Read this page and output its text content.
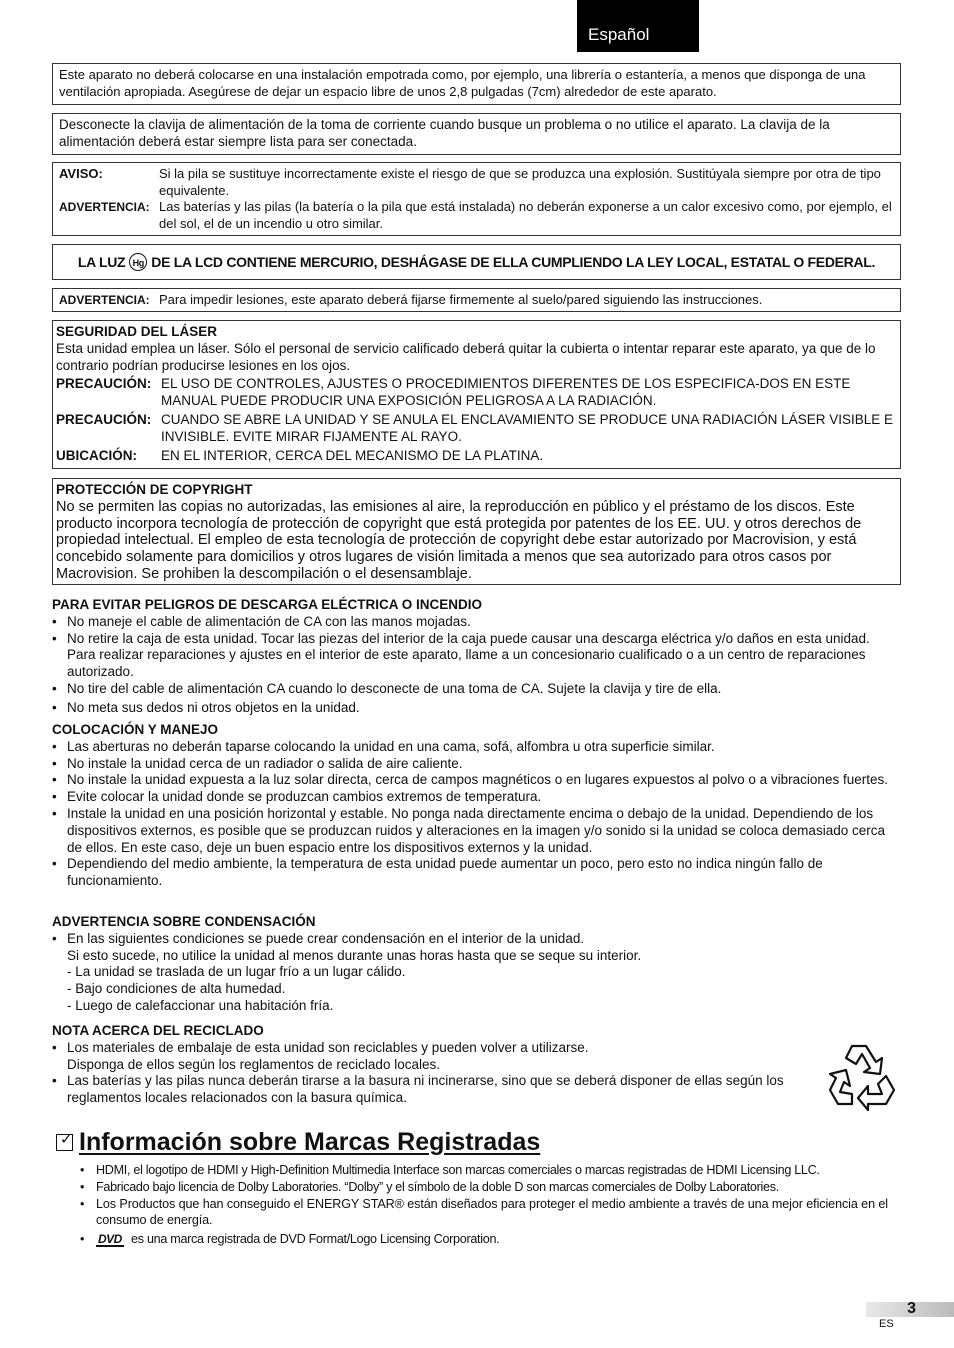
Español
Este aparato no deberá colocarse en una instalación empotrada como, por ejemplo, una librería o estantería, a menos que disponga de una ventilación apropiada. Asegúrese de dejar un espacio libre de unos 2,8 pulgadas (7cm) alrededor de este aparato.
Desconecte la clavija de alimentación de la toma de corriente cuando busque un problema o no utilice el aparato. La clavija de la alimentación deberá estar siempre lista para ser conectada.
AVISO:	Si la pila se sustituye incorrectamente existe el riesgo de que se produzca una explosión. Sustitúyala siempre por otra de tipo equivalente.
ADVERTENCIA: Las baterías y las pilas (la batería o la pila que está instalada) no deberán exponerse a un calor excesivo como, por ejemplo, el del sol, el de un incendio u otro similar.
LA LUZ Hg DE LA LCD CONTIENE MERCURIO, DESHÁGASE DE ELLA CUMPLIENDO LA LEY LOCAL, ESTATAL O FEDERAL.
ADVERTENCIA: Para impedir lesiones, este aparato deberá fijarse firmemente al suelo/pared siguiendo las instrucciones.
SEGURIDAD DEL LÁSER
Esta unidad emplea un láser. Sólo el personal de servicio calificado deberá quitar la cubierta o intentar reparar este aparato, ya que de lo contrario podrían producirse lesiones en los ojos.
PRECAUCIÓN: EL USO DE CONTROLES, AJUSTES O PROCEDIMIENTOS DIFERENTES DE LOS ESPECIFICA-DOS EN ESTE MANUAL PUEDE PRODUCIR UNA EXPOSICIÓN PELIGROSA A LA RADIACIÓN.
PRECAUCIÓN: CUANDO SE ABRE LA UNIDAD Y SE ANULA EL ENCLAVAMIENTO SE PRODUCE UNA RADIACIÓN LÁSER VISIBLE E INVISIBLE. EVITE MIRAR FIJAMENTE AL RAYO.
UBICACIÓN:	EN EL INTERIOR, CERCA DEL MECANISMO DE LA PLATINA.
PROTECCIÓN DE COPYRIGHT
No se permiten las copias no autorizadas, las emisiones al aire, la reproducción en público y el préstamo de los discos. Este producto incorpora tecnología de protección de copyright que está protegida por patentes de los EE. UU. y otros derechos de propiedad intelectual. El empleo de esta tecnología de protección de copyright debe estar autorizado por Macrovision, y está concebido solamente para domicilios y otros lugares de visión limitada a menos que sea autorizado para otros casos por Macrovision. Se prohiben la descompilación o el desensamblaje.
PARA EVITAR PELIGROS DE DESCARGA ELÉCTRICA O INCENDIO
• No maneje el cable de alimentación de CA con las manos mojadas.
• No retire la caja de esta unidad. Tocar las piezas del interior de la caja puede causar una descarga eléctrica y/o daños en esta unidad. Para realizar reparaciones y ajustes en el interior de este aparato, llame a un concesionario cualificado o a un centro de reparaciones autorizado.
• No tire del cable de alimentación CA cuando lo desconecte de una toma de CA. Sujete la clavija y tire de ella.
• No meta sus dedos ni otros objetos en la unidad.
COLOCACIÓN Y MANEJO
• Las aberturas no deberán taparse colocando la unidad en una cama, sofá, alfombra u otra superficie similar.
• No instale la unidad cerca de un radiador o salida de aire caliente.
• No instale la unidad expuesta a la luz solar directa, cerca de campos magnéticos o en lugares expuestos al polvo o a vibraciones fuertes.
• Evite colocar la unidad donde se produzcan cambios extremos de temperatura.
• Instale la unidad en una posición horizontal y estable. No ponga nada directamente encima o debajo de la unidad. Dependiendo de los dispositivos externos, es posible que se produzcan ruidos y alteraciones en la imagen y/o sonido si la unidad se coloca demasiado cerca de ellos. En este caso, deje un buen espacio entre los dispositivos externos y la unidad.
• Dependiendo del medio ambiente, la temperatura de esta unidad puede aumentar un poco, pero esto no indica ningún fallo de funcionamiento.
ADVERTENCIA SOBRE CONDENSACIÓN
• En las siguientes condiciones se puede crear condensación en el interior de la unidad.
Si esto sucede, no utilice la unidad al menos durante unas horas hasta que se seque su interior.
- La unidad se traslada de un lugar frío a un lugar cálido.
- Bajo condiciones de alta humedad.
- Luego de calefaccionar una habitación fría.
NOTA ACERCA DEL RECICLADO
• Los materiales de embalaje de esta unidad son reciclables y pueden volver a utilizarse.
Disponga de ellos según los reglamentos de reciclado locales.
• Las baterías y las pilas nunca deberán tirarse a la basura ni incinerarse, sino que se deberá disponer de ellas según los reglamentos locales relacionados con la basura química.
✓ Información sobre Marcas Registradas
• HDMI, el logotipo de HDMI y High-Definition Multimedia Interface son marcas comerciales o marcas registradas de HDMI Licensing LLC.
• Fabricado bajo licencia de Dolby Laboratories. “Dolby” y el símbolo de la doble D son marcas comerciales de Dolby Laboratories.
• Los Productos que han conseguido el ENERGY STAR® están diseñados para proteger el medio ambiente a través de una mejor eficiencia en el consumo de energía.
• DVD es una marca registrada de DVD Format/Logo Licensing Corporation.
3
ES
